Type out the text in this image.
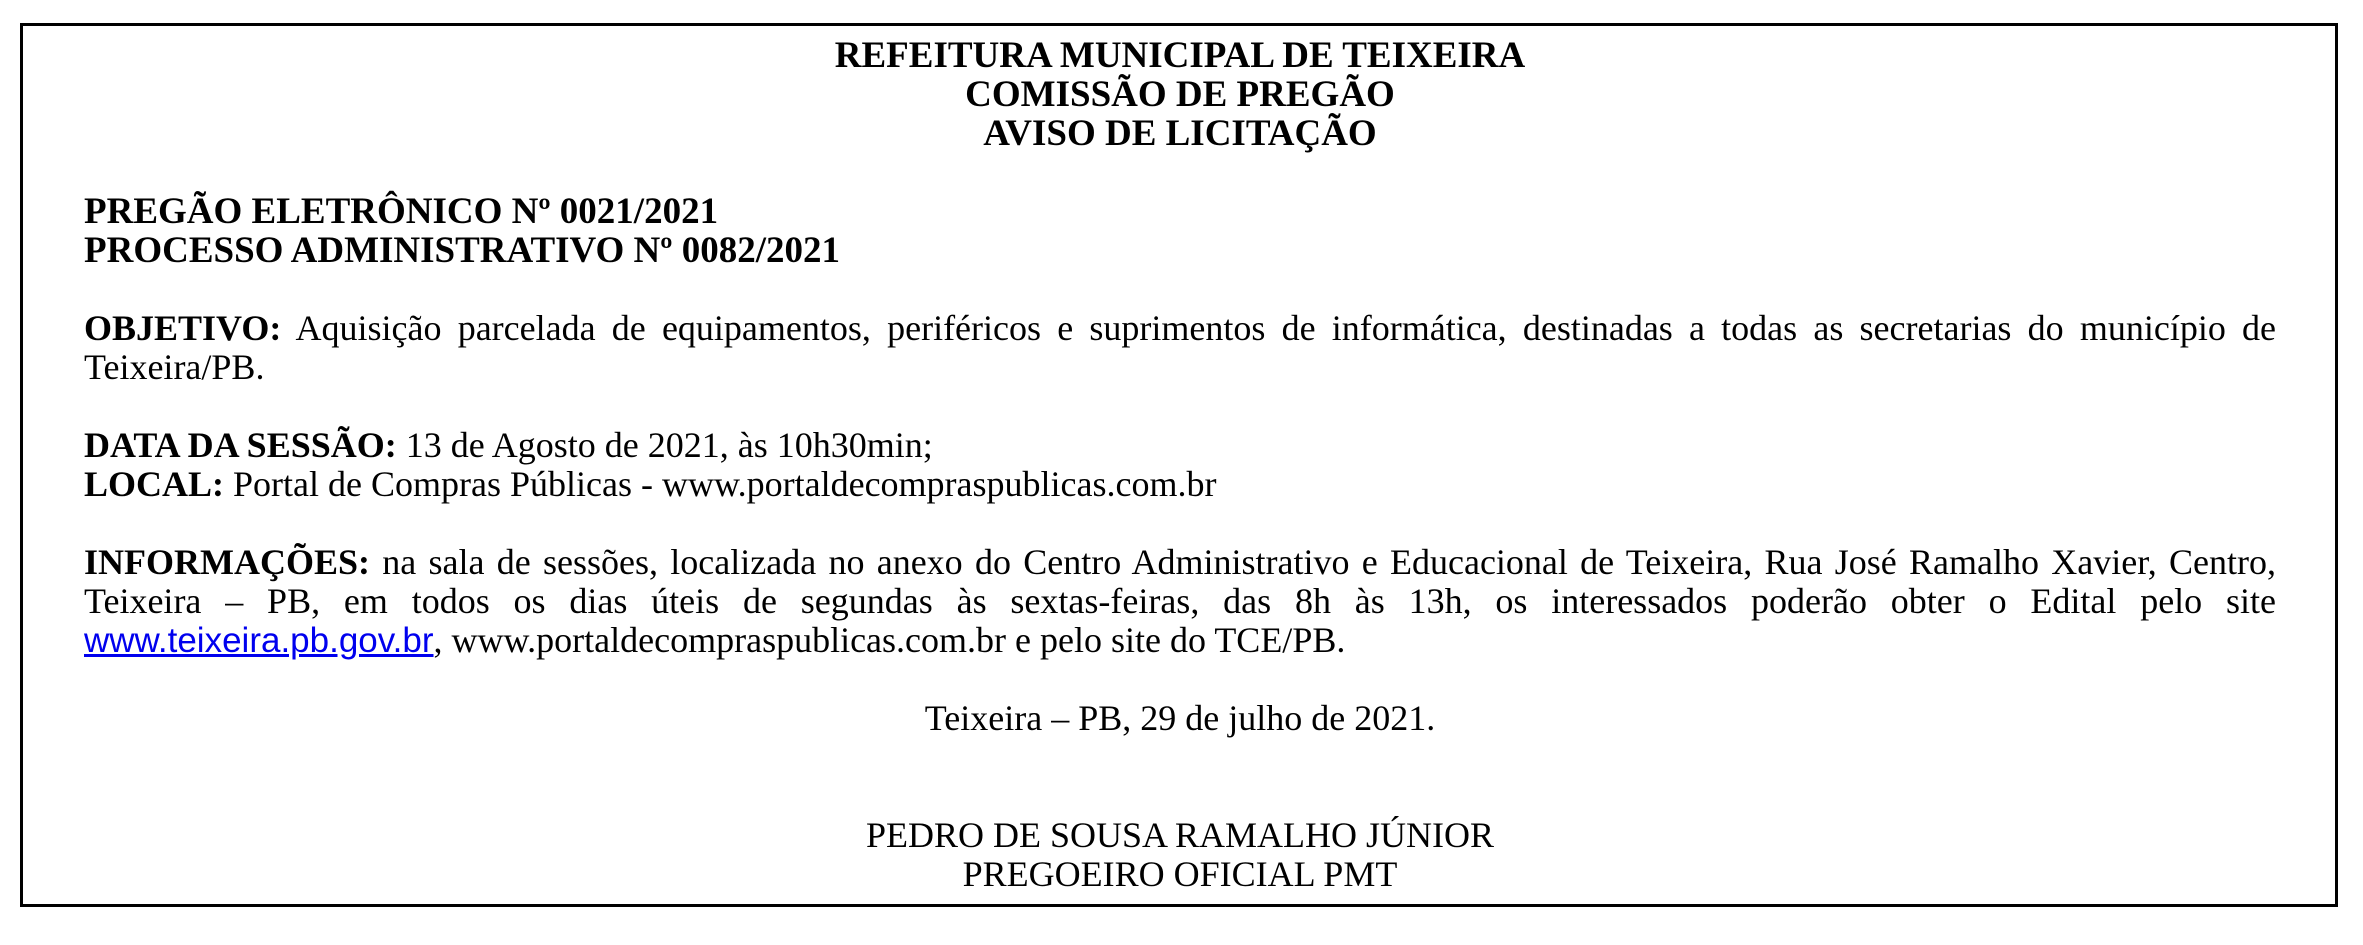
REFEITURA MUNICIPAL DE TEIXEIRA
COMISSÃO DE PREGÃO
AVISO DE LICITAÇÃO
PREGÃO ELETRÔNICO Nº 0021/2021
PROCESSO ADMINISTRATIVO Nº 0082/2021
OBJETIVO: Aquisição parcelada de equipamentos, periféricos e suprimentos de informática, destinadas a todas as secretarias do município de Teixeira/PB.
DATA DA SESSÃO: 13 de Agosto de 2021, às 10h30min;
LOCAL: Portal de Compras Públicas - www.portaldecompraspublicas.com.br
INFORMAÇÕES: na sala de sessões, localizada no anexo do Centro Administrativo e Educacional de Teixeira, Rua José Ramalho Xavier, Centro, Teixeira – PB, em todos os dias úteis de segundas às sextas-feiras, das 8h às 13h, os interessados poderão obter o Edital pelo site www.teixeira.pb.gov.br, www.portaldecompraspublicas.com.br e pelo site do TCE/PB.
Teixeira – PB, 29 de julho de 2021.
PEDRO DE SOUSA RAMALHO JÚNIOR
PREGOEIRO OFICIAL PMT
